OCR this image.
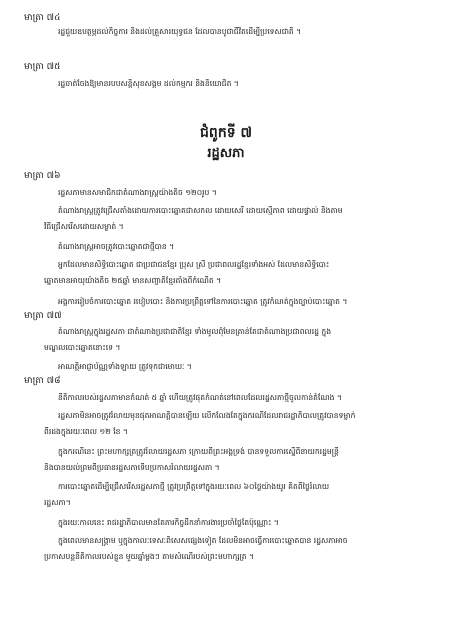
មាត្រា ៧៤
រដ្ឋជួយឧបត្ថម្ភដល់កិច្ចការ និងដល់គ្រួសារយុទ្ធជន ដែលបានបូជាជីវិតដើម្បីប្រទេសជាតិ ។
មាត្រា ៧៥
រដ្ឋចាត់ចែងឱ្យមានរបបសន្តិសុខសង្គម ដល់កម្មករ និងនិយោជិត ។
ជំពូកទី ៧
រដ្ឋសភា
មាត្រា ៧៦
រដ្ឋសភាមានសមាជិកជាតំណាងរាស្ត្រយ៉ាងតិច ១២០រូប ។
តំណាងរាស្ត្រត្រូវជ្រើសតាំងដោយការបោះឆ្នោតជាសកល ដោយសេរី ដោយស្មើភាព ដោយផ្ទាល់ និងតាម
វិធីជ្រើសរើសដោយសម្ងាត់ ។
តំណាងរាស្ត្រអាចត្រូវបោះឆ្នោតជាថ្មីបាន ។
អ្នកដែលមានសិទ្ធិបោះឆ្នោត ជាប្រជាជនខ្មែរ ប្រុស ស្រី ប្រជាពលរដ្ឋខ្មែរទាំងអស់ ដែលមានសិទ្ធិបោះ
ឆ្នោតមានអាយុយ៉ាងតិច ២៥ឆ្នាំ មានសញ្ជាតិខ្មែរតាំងពីកំណើត ។
អង្គការរៀបចំការបោះឆ្នោត របៀបបោះ និងការប្រព្រឹត្តទៅនៃការបោះឆ្នោត ត្រូវកំណត់ក្នុងច្បាប់បោះឆ្នោត ។
មាត្រា ៧៧
តំណាងរាស្ត្រក្នុងរដ្ឋសភា ជាតំណាងប្រជាជាតិខ្មែរ ទាំងមូលពុំមែនគ្រាន់តែជាតំណាងប្រជាពលរដ្ឋ ក្នុង
មណ្ឌលបោះឆ្នោតនោះទេ ។
អាណត្តិអាជ្ញាប័ណ្ណទាំងឡាយ ត្រូវទុកជាមោឃៈ ។
មាត្រា ៧៨
នីតិកាលរបស់រដ្ឋសភាមានកំណត់ ៥ ឆ្នាំ ហើយត្រូវផុតកំណត់នៅពេលដែលរដ្ឋសភាថ្មីចូលកាន់តំណែង ។
រដ្ឋសភាមិនអាចត្រូវរំលាយមុនផុតអាណត្តិបានឡើយ លើកលែងតែក្នុងករណីដែលរាជរដ្ឋាភិបាលត្រូវបានទម្លាក់
ពីរដងក្នុងរយៈពេល ១២ ខែ ។
ក្នុងករណីនេះ ព្រះមហាក្សត្រត្រូវរំលាយរដ្ឋសភា ក្រោយពីព្រះអង្គទ្រង់ បានទទួលការស្នើពីនាយករដ្ឋមន្ត្រី
និងបានយល់ព្រមពីប្រធានរដ្ឋសភាទើបប្រកាសរំលាយរដ្ឋសភា ។
ការបោះឆ្នោតដើម្បីជ្រើសរើសរដ្ឋសភាថ្មី ត្រូវប្រព្រឹត្តទៅក្នុងរយៈពេល ៦០ថ្ងៃយ៉ាងយូរ គិតពីថ្ងៃរំលាយ
រដ្ឋសភា។
ក្នុងរយៈកាលនេះ រាជរដ្ឋាភិបាលមានតែភារកិច្ចដឹកនាំការងារប្រចាំថ្ងៃតែប៉ុណ្ណោះ ។
ក្នុងពេលមានសង្គ្រាម ឬក្នុងកាលៈទេសៈពិសេសផ្សេងទៀត ដែលមិនអាចធ្វើការបោះឆ្នោតបាន រដ្ឋសភាអាច
ប្រកាសបន្តនីតិកាលរបស់ខ្លួន មួយឆ្នាំម្តងៗ តាមសំណើរបស់ព្រះមហាក្សត្រ ។
